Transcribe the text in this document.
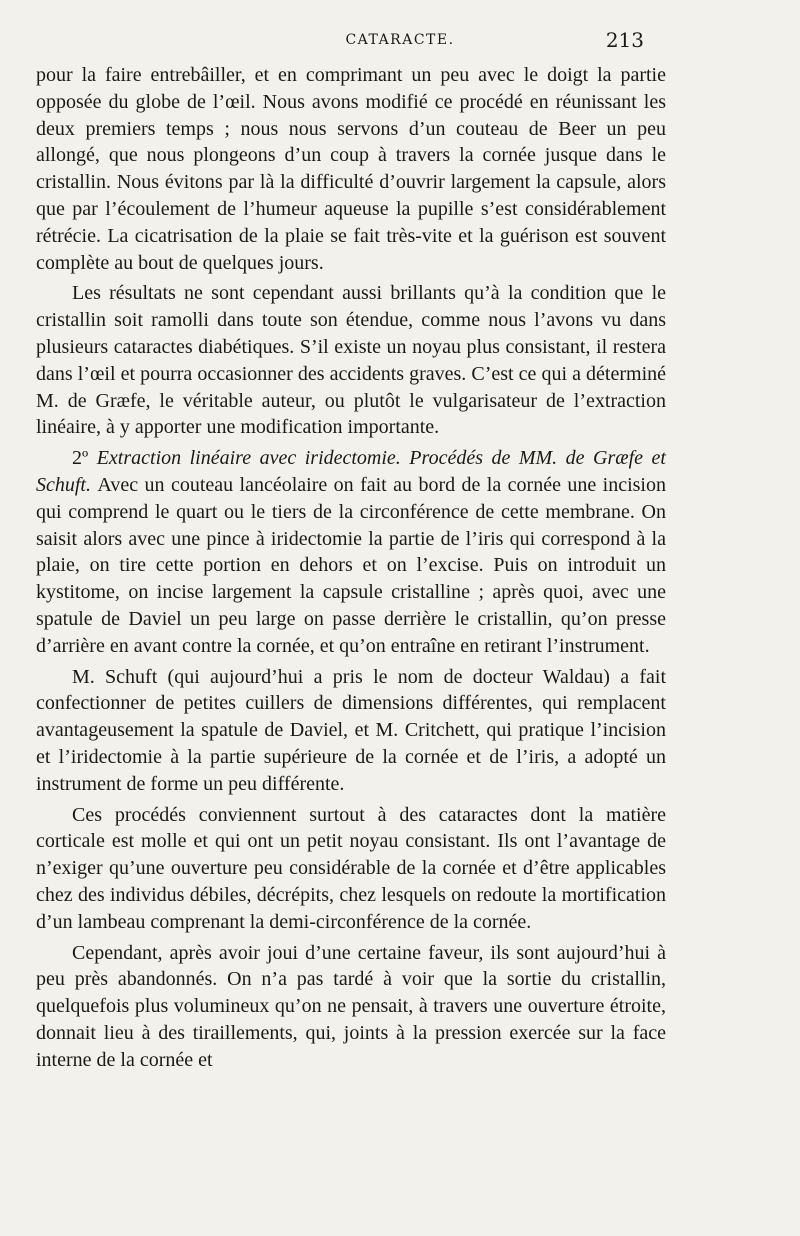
CATARACTE.	213

pour la faire entrebâiller, et en comprimant un peu avec le doigt la partie opposée du globe de l’œil. Nous avons modifié ce procédé en réunissant les deux premiers temps ; nous nous servons d’un couteau de Beer un peu allongé, que nous plongeons d’un coup à travers la cornée jusque dans le cristallin. Nous évitons par là la difficulté d’ouvrir largement la capsule, alors que par l’écoulement de l’humeur aqueuse la pupille s’est considérablement rétrécie. La cicatrisation de la plaie se fait très-vite et la guérison est souvent complète au bout de quelques jours.

Les résultats ne sont cependant aussi brillants qu’à la condition que le cristallin soit ramolli dans toute son étendue, comme nous l’avons vu dans plusieurs cataractes diabétiques. S’il existe un noyau plus consistant, il restera dans l’œil et pourra occasionner des accidents graves. C’est ce qui a déterminé M. de Græfe, le véritable auteur, ou plutôt le vulgarisateur de l’extraction linéaire, à y apporter une modification importante.

2º Extraction linéaire avec iridectomie. Procédés de MM. de Græfe et Schuft. Avec un couteau lancéolaire on fait au bord de la cornée une incision qui comprend le quart ou le tiers de la circonférence de cette membrane. On saisit alors avec une pince à iridectomie la partie de l’iris qui correspond à la plaie, on tire cette portion en dehors et on l’excise. Puis on introduit un kystitome, on incise largement la capsule cristalline ; après quoi, avec une spatule de Daviel un peu large on passe derrière le cristallin, qu’on presse d’arrière en avant contre la cornée, et qu’on entraîne en retirant l’instrument.

M. Schuft (qui aujourd’hui a pris le nom de docteur Waldau) a fait confectionner de petites cuillers de dimensions différentes, qui remplacent avantageusement la spatule de Daviel, et M. Critchett, qui pratique l’incision et l’iridectomie à la partie supérieure de la cornée et de l’iris, a adopté un instrument de forme un peu différente.

Ces procédés conviennent surtout à des cataractes dont la matière corticale est molle et qui ont un petit noyau consistant. Ils ont l’avantage de n’exiger qu’une ouverture peu considérable de la cornée et d’être applicables chez des individus débiles, décrépits, chez lesquels on redoute la mortification d’un lambeau comprenant la demi-circonférence de la cornée.

Cependant, après avoir joui d’une certaine faveur, ils sont aujourd’hui à peu près abandonnés. On n’a pas tardé à voir que la sortie du cristallin, quelquefois plus volumineux qu’on ne pensait, à travers une ouverture étroite, donnait lieu à des tiraillements, qui, joints à la pression exercée sur la face interne de la cornée et
